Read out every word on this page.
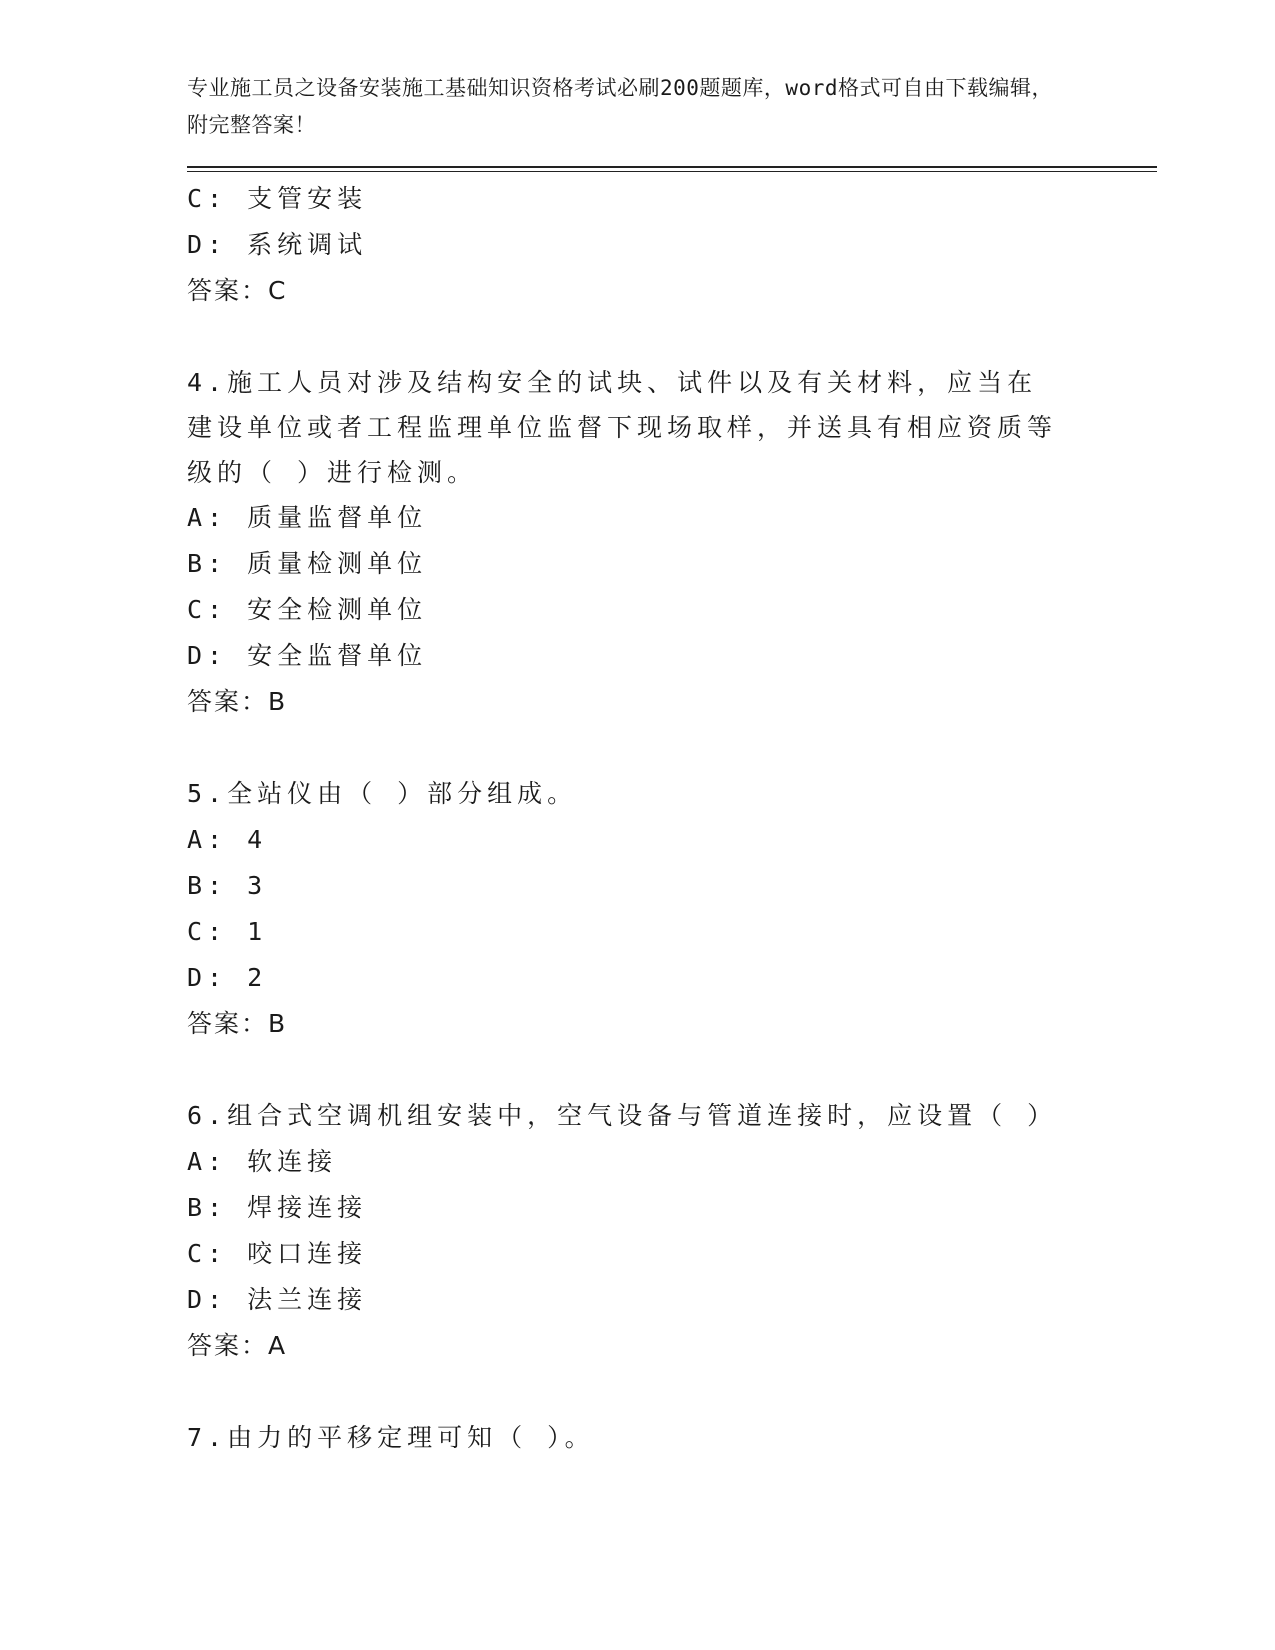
专业施工员之设备安装施工基础知识资格考试必刷200题题库，word格式可自由下载编辑，附完整答案！
C: 支管安装
D: 系统调试
答案：C
4.施工人员对涉及结构安全的试块、试件以及有关材料，应当在建设单位或者工程监理单位监督下现场取样，并送具有相应资质等级的（ ）进行检测。
A: 质量监督单位
B: 质量检测单位
C: 安全检测单位
D: 安全监督单位
答案：B
5.全站仪由（ ）部分组成。
A: 4
B: 3
C: 1
D: 2
答案：B
6.组合式空调机组安装中，空气设备与管道连接时，应设置（ ）
A: 软连接
B: 焊接连接
C: 咬口连接
D: 法兰连接
答案：A
7.由力的平移定理可知（ ）。
